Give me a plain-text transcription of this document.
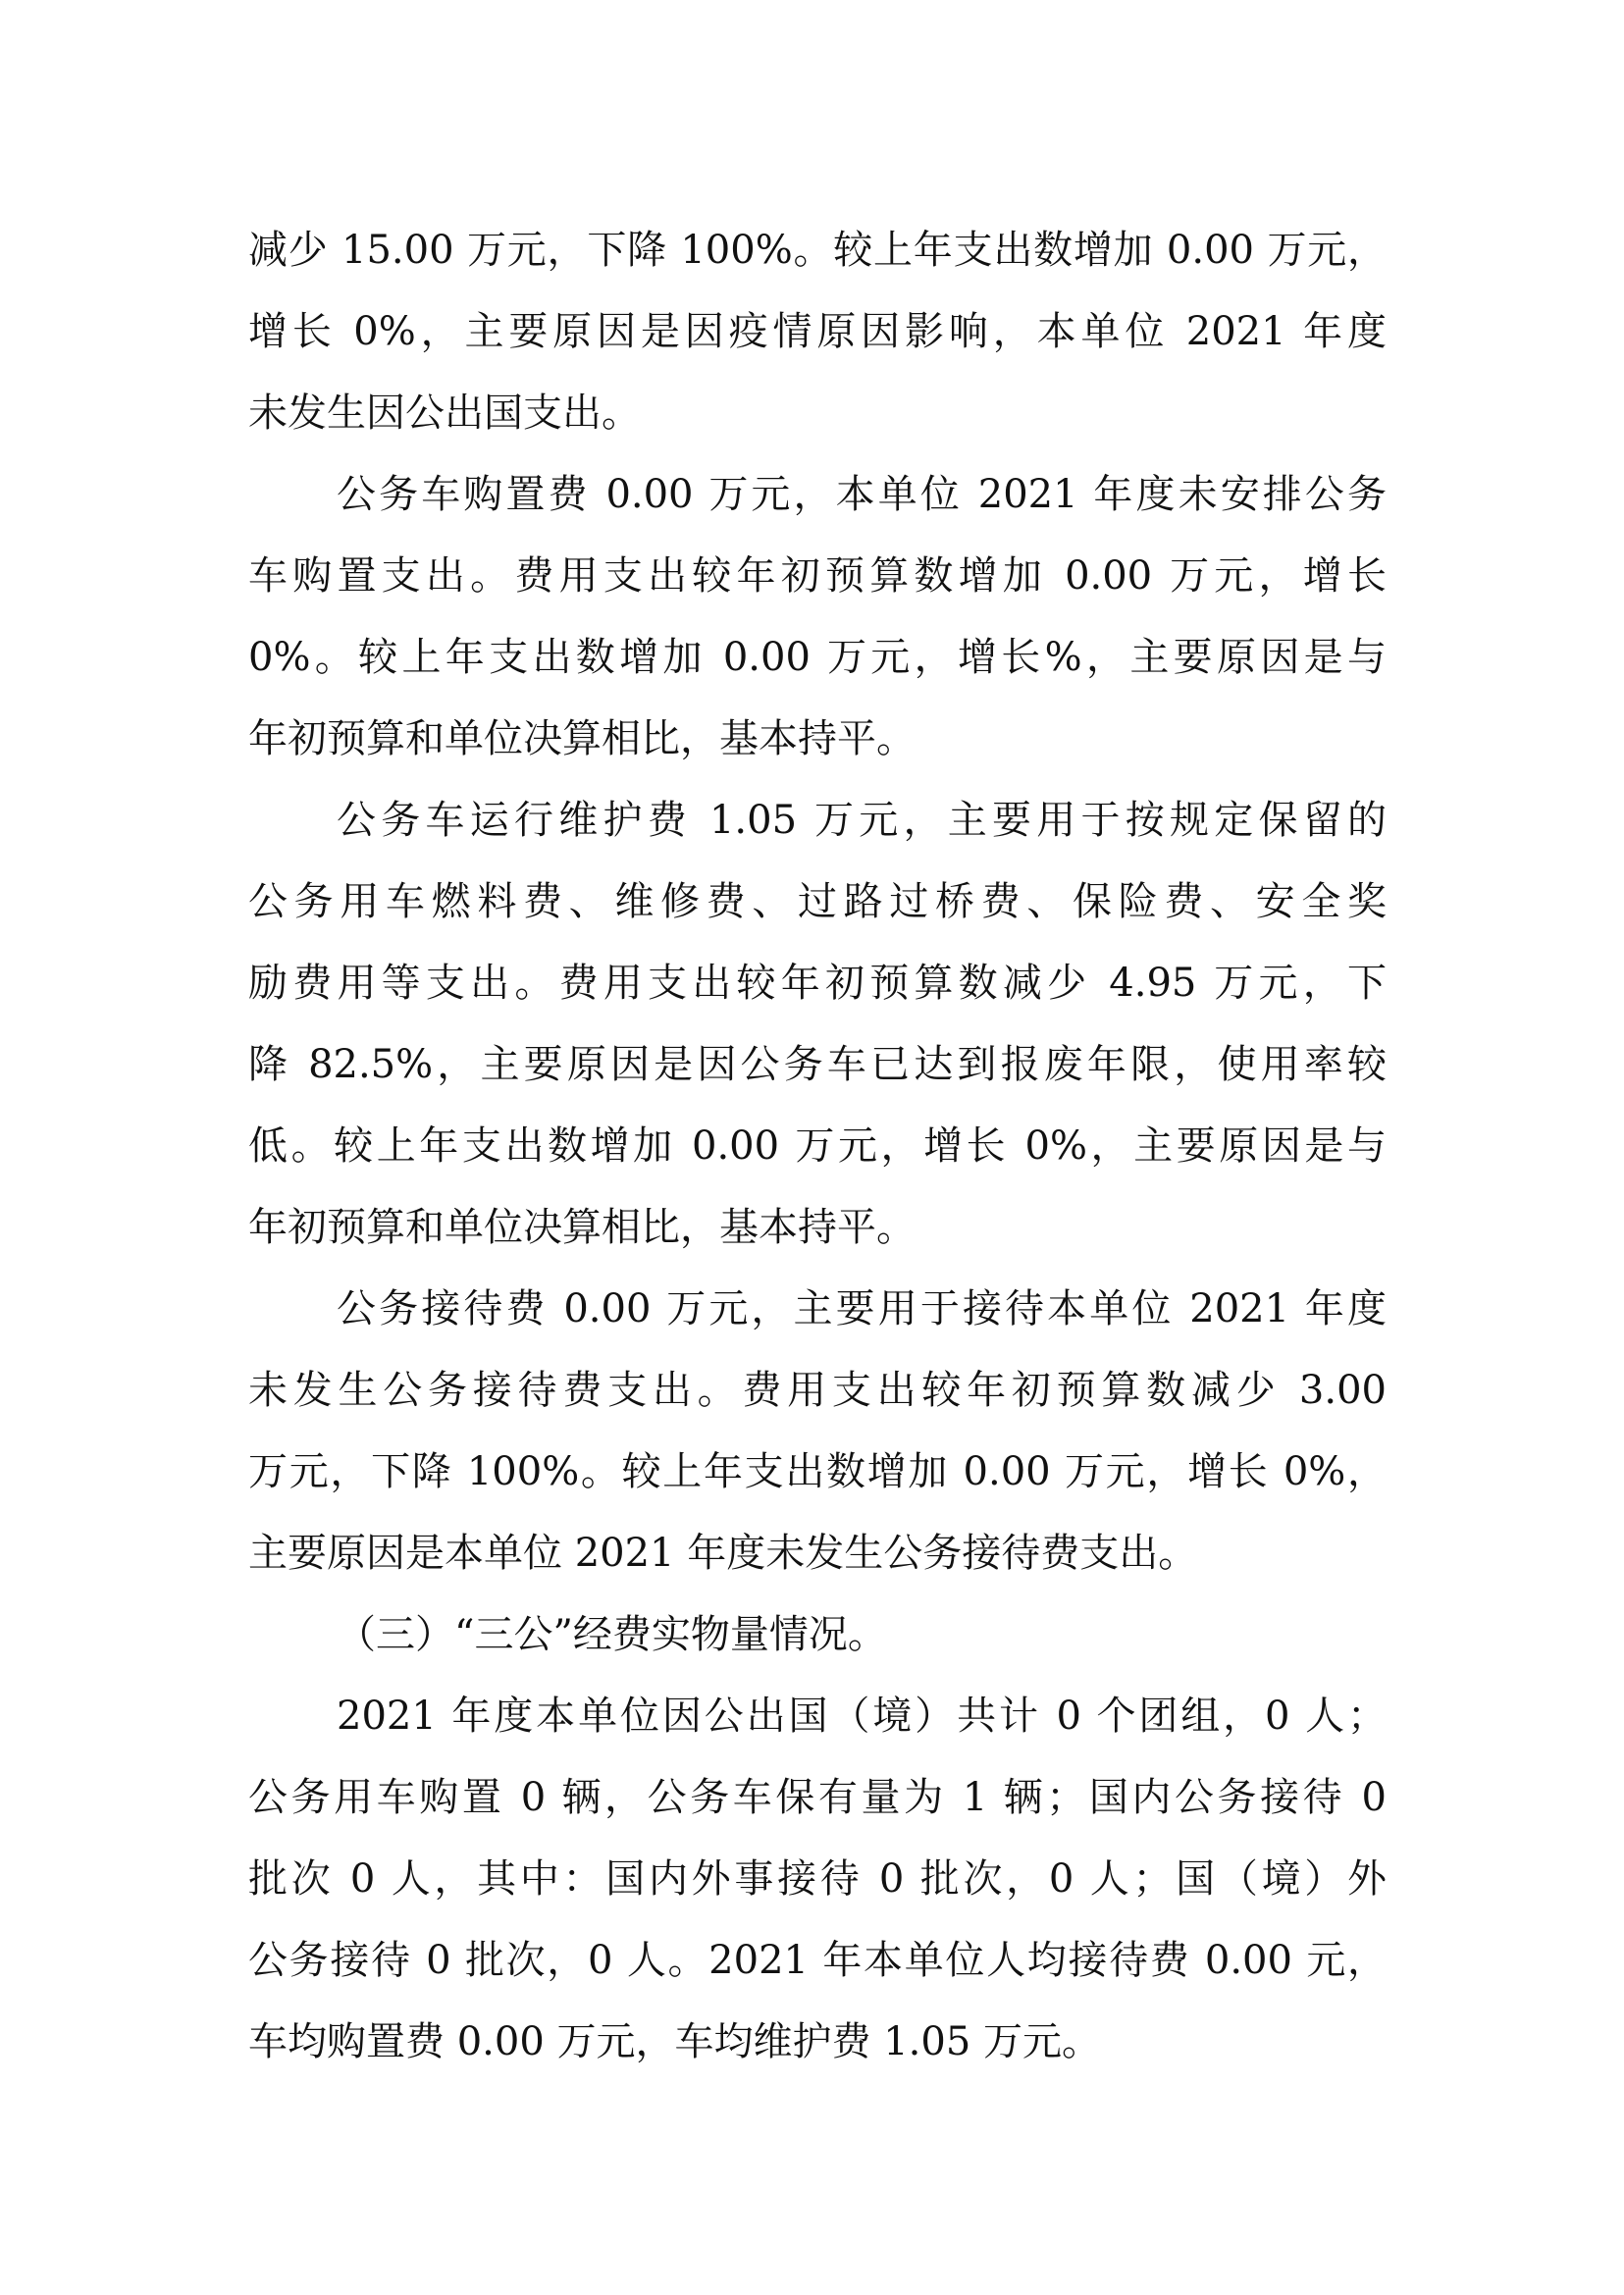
减少 15.00 万元，下降 100%。较上年支出数增加 0.00 万元，
增长 0%，主要原因是因疫情原因影响，本单位 2021 年度
未发生因公出国支出。
公务车购置费 0.00 万元，本单位 2021 年度未安排公务
车购置支出。费用支出较年初预算数增加 0.00 万元，增长
0%。较上年支出数增加 0.00 万元，增长%，主要原因是与
年初预算和单位决算相比，基本持平。
公务车运行维护费 1.05 万元，主要用于按规定保留的
公务用车燃料费、维修费、过路过桥费、保险费、安全奖
励费用等支出。费用支出较年初预算数减少 4.95 万元，下
降 82.5%，主要原因是因公务车已达到报废年限，使用率较
低。较上年支出数增加 0.00 万元，增长 0%，主要原因是与
年初预算和单位决算相比，基本持平。
公务接待费 0.00 万元，主要用于接待本单位 2021 年度
未发生公务接待费支出。费用支出较年初预算数减少 3.00
万元，下降 100%。较上年支出数增加 0.00 万元，增长 0%，
主要原因是本单位 2021 年度未发生公务接待费支出。
（三）“三公”经费实物量情况。
2021 年度本单位因公出国（境）共计 0 个团组，0 人；
公务用车购置 0 辆，公务车保有量为 1 辆；国内公务接待 0
批次 0 人，其中：国内外事接待 0 批次，0 人；国（境）外
公务接待 0 批次，0 人。2021 年本单位人均接待费 0.00 元，
车均购置费 0.00 万元，车均维护费 1.05 万元。
